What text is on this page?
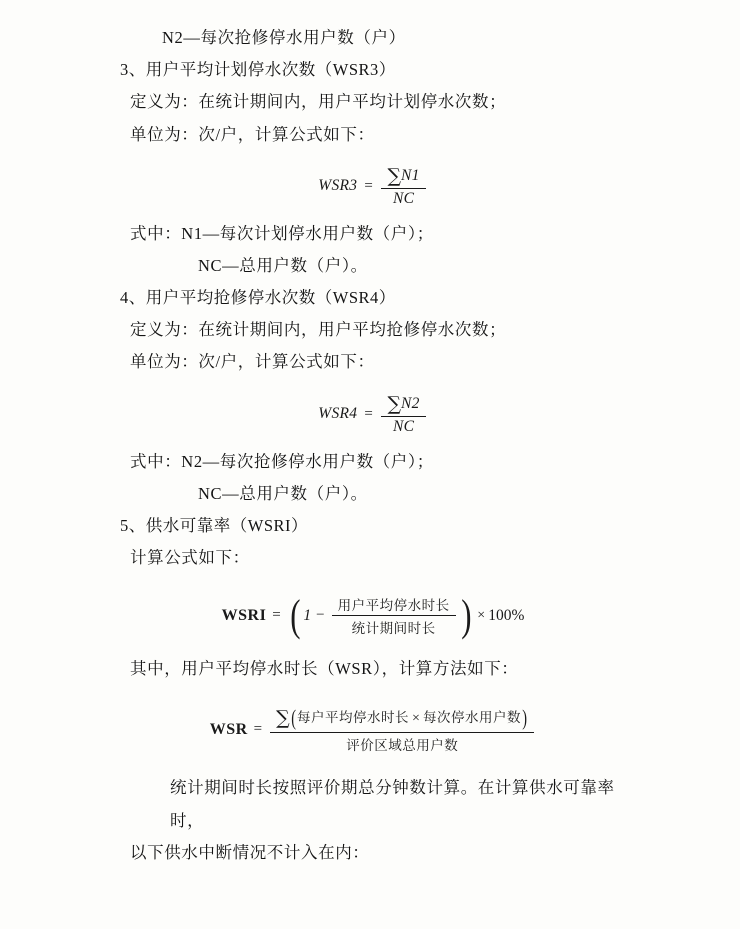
N2—每次抢修停水用户数（户）
3、用户平均计划停水次数（WSR3）
定义为：在统计期间内，用户平均计划停水次数；
单位为：次/户，计算公式如下：
$WSR3 = \frac{\sum N1}{NC}$
式中：N1—每次计划停水用户数（户）；
NC—总用户数（户）。
4、用户平均抢修停水次数（WSR4）
定义为：在统计期间内，用户平均抢修停水次数；
单位为：次/户，计算公式如下：
$WSR4 = \frac{\sum N2}{NC}$
式中：N2—每次抢修停水用户数（户）；
NC—总用户数（户）。
5、供水可靠率（WSRI）
计算公式如下：
WSRI = ( $1 - \frac{\text{用户平均停水时长}}{\text{统计期间时长}}$ ) × 100%
其中，用户平均停水时长（WSR），计算方法如下：
WSR = $\frac{\text{∑(每户平均停水时长 × 每次停水用户数)}}{\text{评价区域总用户数}}$
统计期间时长按照评价期总分钟数计算。在计算供水可靠率时，
以下供水中断情况不计入在内：
